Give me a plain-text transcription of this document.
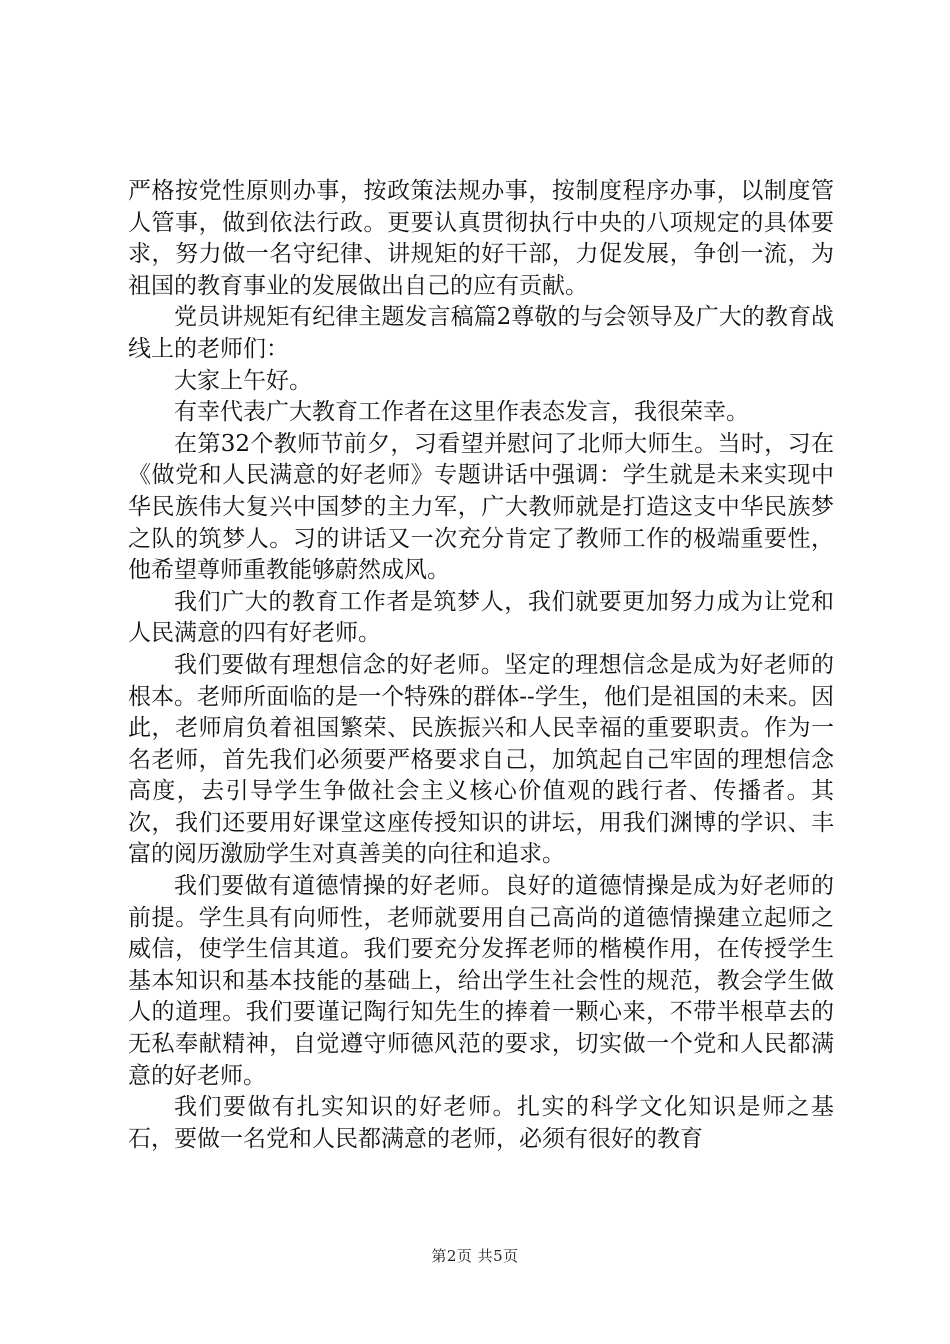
严格按党性原则办事，按政策法规办事，按制度程序办事，以制度管人管事，做到依法行政。更要认真贯彻执行中央的八项规定的具体要求，努力做一名守纪律、讲规矩的好干部，力促发展，争创一流，为祖国的教育事业的发展做出自己的应有贡献。

党员讲规矩有纪律主题发言稿篇2尊敬的与会领导及广大的教育战线上的老师们：

大家上午好。

有幸代表广大教育工作者在这里作表态发言，我很荣幸。

在第32个教师节前夕，习看望并慰问了北师大师生。当时，习在《做党和人民满意的好老师》专题讲话中强调：学生就是未来实现中华民族伟大复兴中国梦的主力军，广大教师就是打造这支中华民族梦之队的筑梦人。习的讲话又一次充分肯定了教师工作的极端重要性，他希望尊师重教能够蔚然成风。

我们广大的教育工作者是筑梦人，我们就要更加努力成为让党和人民满意的四有好老师。

我们要做有理想信念的好老师。坚定的理想信念是成为好老师的根本。老师所面临的是一个特殊的群体--学生，他们是祖国的未来。因此，老师肩负着祖国繁荣、民族振兴和人民幸福的重要职责。作为一名老师，首先我们必须要严格要求自己，加筑起自己牢固的理想信念高度，去引导学生争做社会主义核心价值观的践行者、传播者。其次，我们还要用好课堂这座传授知识的讲坛，用我们渊博的学识、丰富的阅历激励学生对真善美的向往和追求。

我们要做有道德情操的好老师。良好的道德情操是成为好老师的前提。学生具有向师性，老师就要用自己高尚的道德情操建立起师之威信，使学生信其道。我们要充分发挥老师的楷模作用，在传授学生基本知识和基本技能的基础上，给出学生社会性的规范，教会学生做人的道理。我们要谨记陶行知先生的捧着一颗心来，不带半根草去的无私奉献精神，自觉遵守师德风范的要求，切实做一个党和人民都满意的好老师。

我们要做有扎实知识的好老师。扎实的科学文化知识是师之基石，要做一名党和人民都满意的老师，必须有很好的教育

第2页 共5页
